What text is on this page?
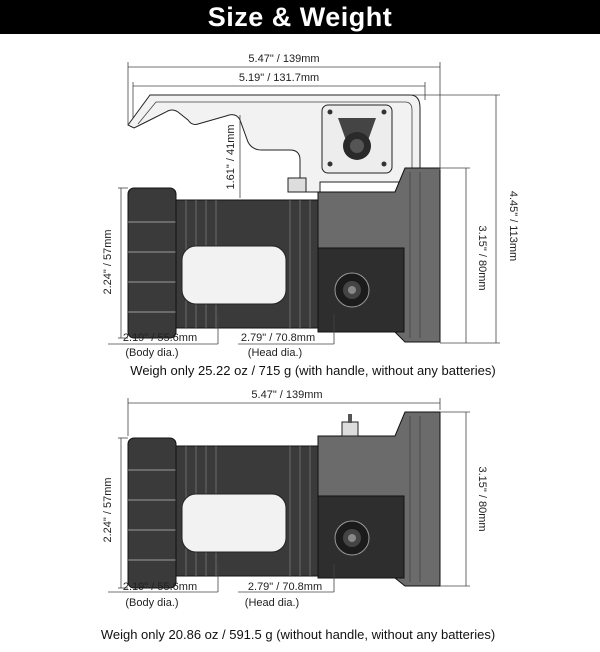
Size & Weight
5.47" / 139mm
5.19" / 131.7mm
1.61" / 41mm
4.45" / 113mm
3.15" / 80mm
2.24" / 57mm
2.19" / 55.6mm
(Body dia.)
2.79" / 70.8mm
(Head dia.)
Weigh only 25.22 oz / 715 g (with handle, without any batteries)
5.47" / 139mm
3.15" / 80mm
2.24" / 57mm
2.19" / 55.6mm
(Body dia.)
2.79" / 70.8mm
(Head dia.)
Weigh only 20.86 oz / 591.5 g (without handle, without any batteries)
